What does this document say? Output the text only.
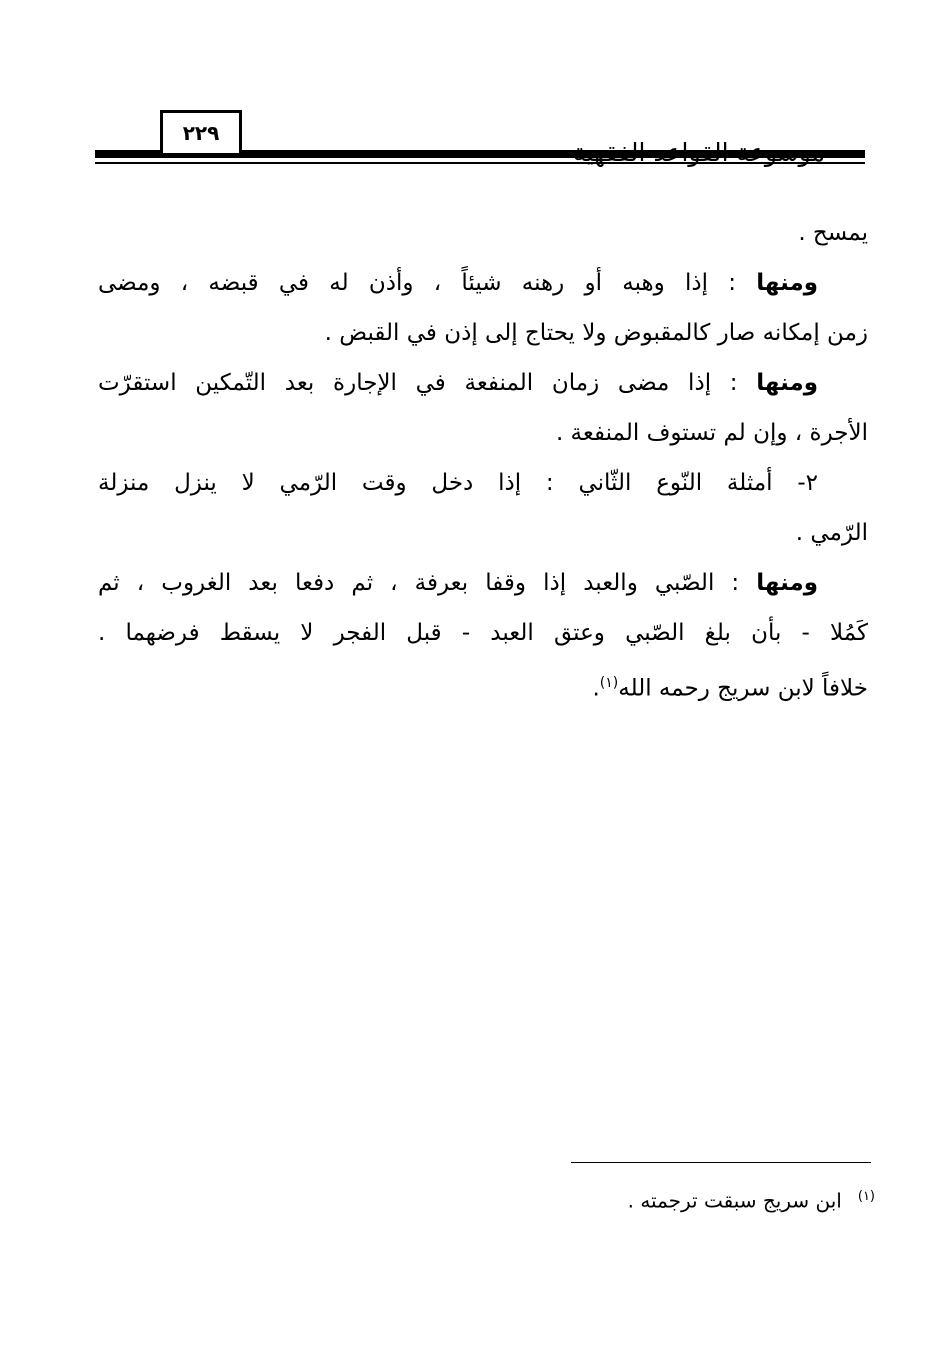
٢٢٩
يمسح .
ومنها : إذا وهبه أو رهنه شيئاً ، وأذن له في قبضه ، ومضى
زمن إمكانه صار كالمقبوض ولا يحتاج إلى إذن في القبض .
ومنها : إذا مضى زمان المنفعة في الإجارة بعد التّمكين استقرّت
الأجرة ، وإن لم تستوف المنفعة .
٢- أمثلة النّوع الثّاني : إذا دخل وقت الرّمي لا ينزل منزلة
الرّمي .
ومنها : الصّبي والعبد إذا وقفا بعرفة ، ثم دفعا بعد الغروب ، ثم
كَمُلا - بأن بلغ الصّبي وعتق العبد - قبل الفجر لا يسقط فرضهما .
خلافاً لابن سريج رحمه الله$^{(١)}$.
$^{(١)}$ابن سريج سبقت ترجمته .
